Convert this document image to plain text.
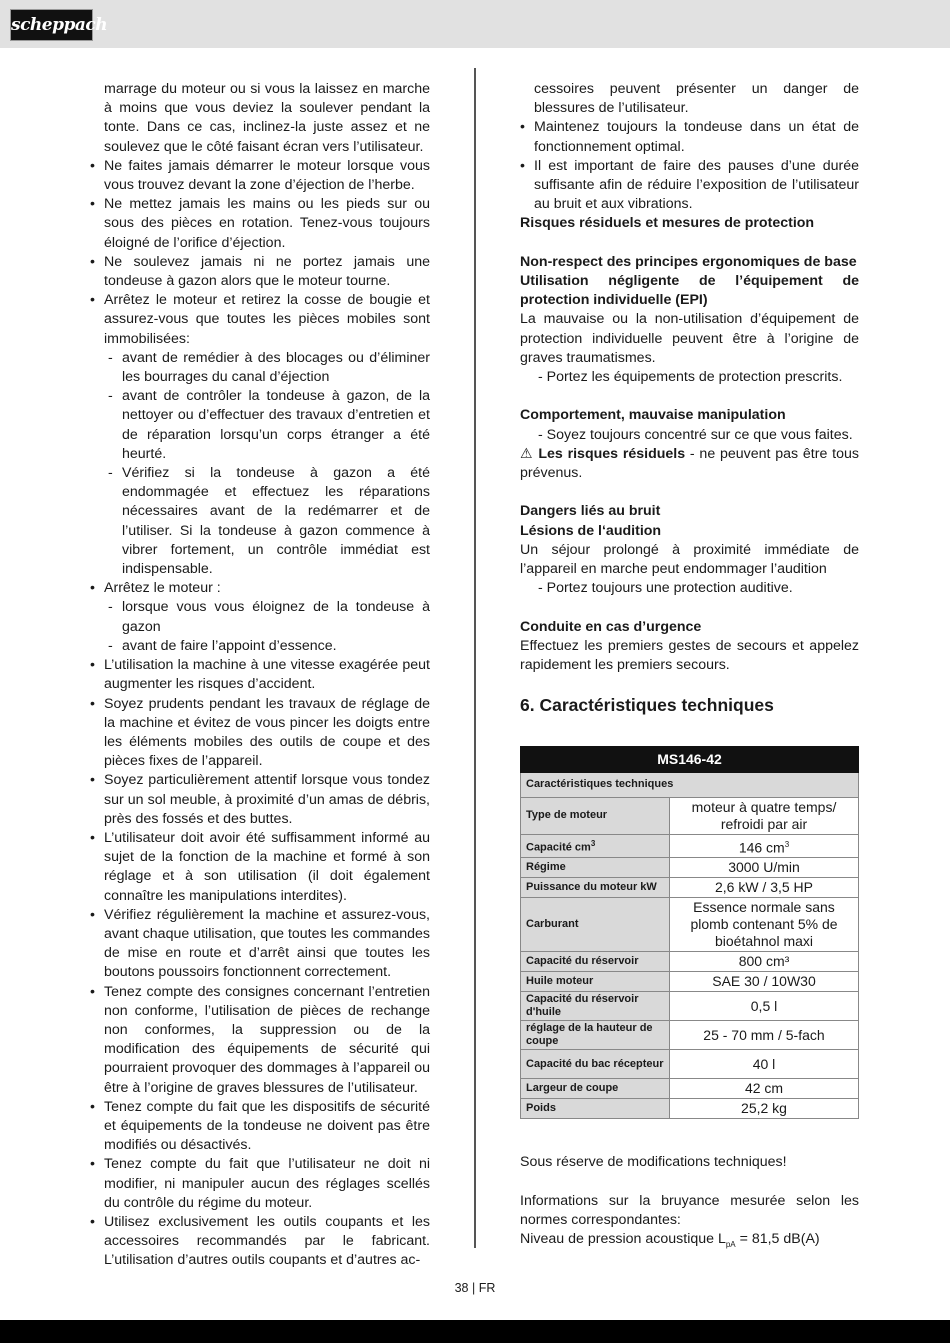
scheppach

marrage du moteur ou si vous la laissez en marche à moins que vous deviez la soulever pendant la tonte. Dans ce cas, inclinez-la juste assez et ne soulevez que le côté faisant écran vers l’utilisateur.

• Ne faites jamais démarrer le moteur lorsque vous vous trouvez devant la zone d’éjection de l’herbe.
• Ne mettez jamais les mains ou les pieds sur ou sous des pièces en rotation. Tenez-vous toujours éloigné de l’orifice d’éjection.
• Ne soulevez jamais ni ne portez jamais une tondeuse à gazon alors que le moteur tourne.
• Arrêtez le moteur et retirez la cosse de bougie et assurez-vous que toutes les pièces mobiles sont immobilisées:
- avant de remédier à des blocages ou d’éliminer les bourrages du canal d’éjection
- avant de contrôler la tondeuse à gazon, de la nettoyer ou d’effectuer des travaux d’entretien et de réparation lorsqu’un corps étranger a été heurté.
- Vérifiez si la tondeuse à gazon a été endommagée et effectuez les réparations nécessaires avant de la redémarrer et de l’utiliser. Si la tondeuse à gazon commence à vibrer fortement, un contrôle immédiat est indispensable.
• Arrêtez le moteur :
- lorsque vous vous éloignez de la tondeuse à gazon
- avant de faire l’appoint d’essence.
• L’utilisation la machine à une vitesse exagérée peut augmenter les risques d’accident.
• Soyez prudents pendant les travaux de réglage de la machine et évitez de vous pincer les doigts entre les éléments mobiles des outils de coupe et des pièces fixes de l’appareil.
• Soyez particulièrement attentif lorsque vous tondez sur un sol meuble, à proximité d’un amas de débris, près des fossés et des buttes.
• L’utilisateur doit avoir été suffisamment informé au sujet de la fonction de la machine et formé à son réglage et à son utilisation (il doit également connaître les manipulations interdites).
• Vérifiez régulièrement la machine et assurez-vous, avant chaque utilisation, que toutes les commandes de mise en route et d’arrêt ainsi que toutes les boutons poussoirs fonctionnent correctement.
• Tenez compte des consignes concernant l’entretien non conforme, l’utilisation de pièces de rechange non conformes, la suppression ou de la modification des équipements de sécurité qui pourraient provoquer des dommages à l’appareil ou être à l’origine de graves blessures de l’utilisateur.
• Tenez compte du fait que les dispositifs de sécurité et équipements de la tondeuse ne doivent pas être modifiés ou désactivés.
• Tenez compte du fait que l’utilisateur ne doit ni modifier, ni manipuler aucun des réglages scellés du contrôle du régime du moteur.
• Utilisez exclusivement les outils coupants et les accessoires recommandés par le fabricant. L’utilisation d’autres outils coupants et d’autres ac-

cessoires peuvent présenter un danger de blessures de l’utilisateur.

• Maintenez toujours la tondeuse dans un état de fonctionnement optimal.
• Il est important de faire des pauses d’une durée suffisante afin de réduire l’exposition de l’utilisateur au bruit et aux vibrations.

Risques résiduels et mesures de protection

Non-respect des principes ergonomiques de base

Utilisation négligente de l’équipement de protection individuelle (EPI)

La mauvaise ou la non-utilisation d’équipement de protection individuelle peuvent être à l’origine de graves traumatismes.

- Portez les équipements de protection prescrits.

Comportement, mauvaise manipulation

- Soyez toujours concentré sur ce que vous faites.

⚠ Les risques résiduels - ne peuvent pas être tous prévenus.

Dangers liés au bruit

Lésions de l‘audition

Un séjour prolongé à proximité immédiate de l’appareil en marche peut endommager l’audition

- Portez toujours une protection auditive.

Conduite en cas d’urgence

Effectuez les premiers gestes de secours et appelez rapidement les premiers secours.

6. Caractéristiques techniques

MS146-42	
Caractéristiques techniques	
Type de moteur	moteur à quatre temps/ refroidi par air
Capacité $cm^3$	146 $cm^3$
Régime	3000 U/min
Puissance du moteur kW	2,6 kW / 3,5 HP
Carburant	Essence normale sans plomb contenant 5% de bioétahnol maxi
Capacité du réservoir	800 cm³
Huile moteur	SAE 30 / 10W30
Capacité du réservoir d'huile	0,5 l
réglage de la hauteur de coupe	25 - 70 mm / 5-fach
Capacité du bac récepteur	40 l
Largeur de coupe	42 cm
Poids	25,2 kg

Sous réserve de modifications techniques!

Informations sur la bruyance mesurée selon les normes correspondantes:

Niveau de pression acoustique $L_{pA} = 81,5$ dB(A)

38 | FR
